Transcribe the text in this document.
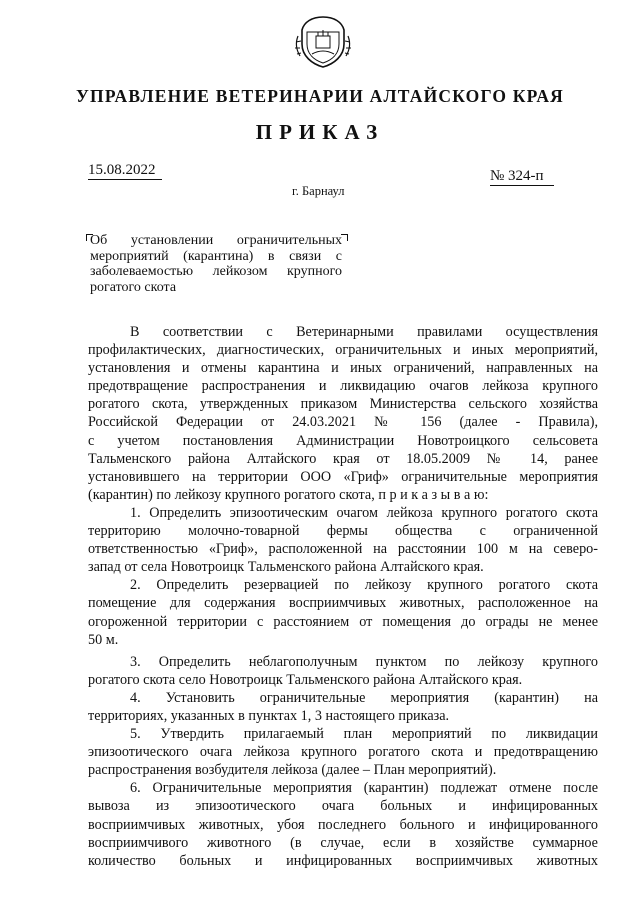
УПРАВЛЕНИЕ ВЕТЕРИНАРИИ АЛТАЙСКОГО КРАЯ
ПРИКАЗ
15.08.2022	№ 324-п
г. Барнаул
Об установлении ограничительных
мероприятий (карантина) в связи с
заболеваемостью лейкозом крупного
рогатого скота
В соответствии с Ветеринарными правилами осуществления
профилактических, диагностических, ограничительных и иных мероприятий,
установления и отмены карантина и иных ограничений, направленных на
предотвращение распространения и ликвидацию очагов лейкоза крупного
рогатого скота, утвержденных приказом Министерства сельского хозяйства
Российской Федерации от 24.03.2021 № 156 (далее - Правила),
с учетом постановления Администрации Новотроицкого сельсовета
Тальменского района Алтайского края от 18.05.2009 № 14, ранее
установившего на территории ООО «Гриф» ограничительные мероприятия
(карантин) по лейкозу крупного рогатого скота, п р и к а з ы в а ю:
1. Определить эпизоотическим очагом лейкоза крупного рогатого скота
территорию молочно-товарной фермы общества с ограниченной
ответственностью «Гриф», расположенной на расстоянии 100 м на северо-
запад от села Новотроицк Тальменского района Алтайского края.
2. Определить резервацией по лейкозу крупного рогатого скота
помещение для содержания восприимчивых животных, расположенное на
огороженной территории с расстоянием от помещения до ограды не менее
50 м.
3. Определить неблагополучным пунктом по лейкозу крупного
рогатого скота село Новотроицк Тальменского района Алтайского края.
4. Установить ограничительные мероприятия (карантин) на
территориях, указанных в пунктах 1, 3 настоящего приказа.
5. Утвердить прилагаемый план мероприятий по ликвидации
эпизоотического очага лейкоза крупного рогатого скота и предотвращению
распространения возбудителя лейкоза (далее – План мероприятий).
6. Ограничительные мероприятия (карантин) подлежат отмене после
вывоза из эпизоотического очага больных и инфицированных
восприимчивых животных, убоя последнего больного и инфицированного
восприимчивого животного (в случае, если в хозяйстве суммарное
количество больных и инфицированных восприимчивых животных
